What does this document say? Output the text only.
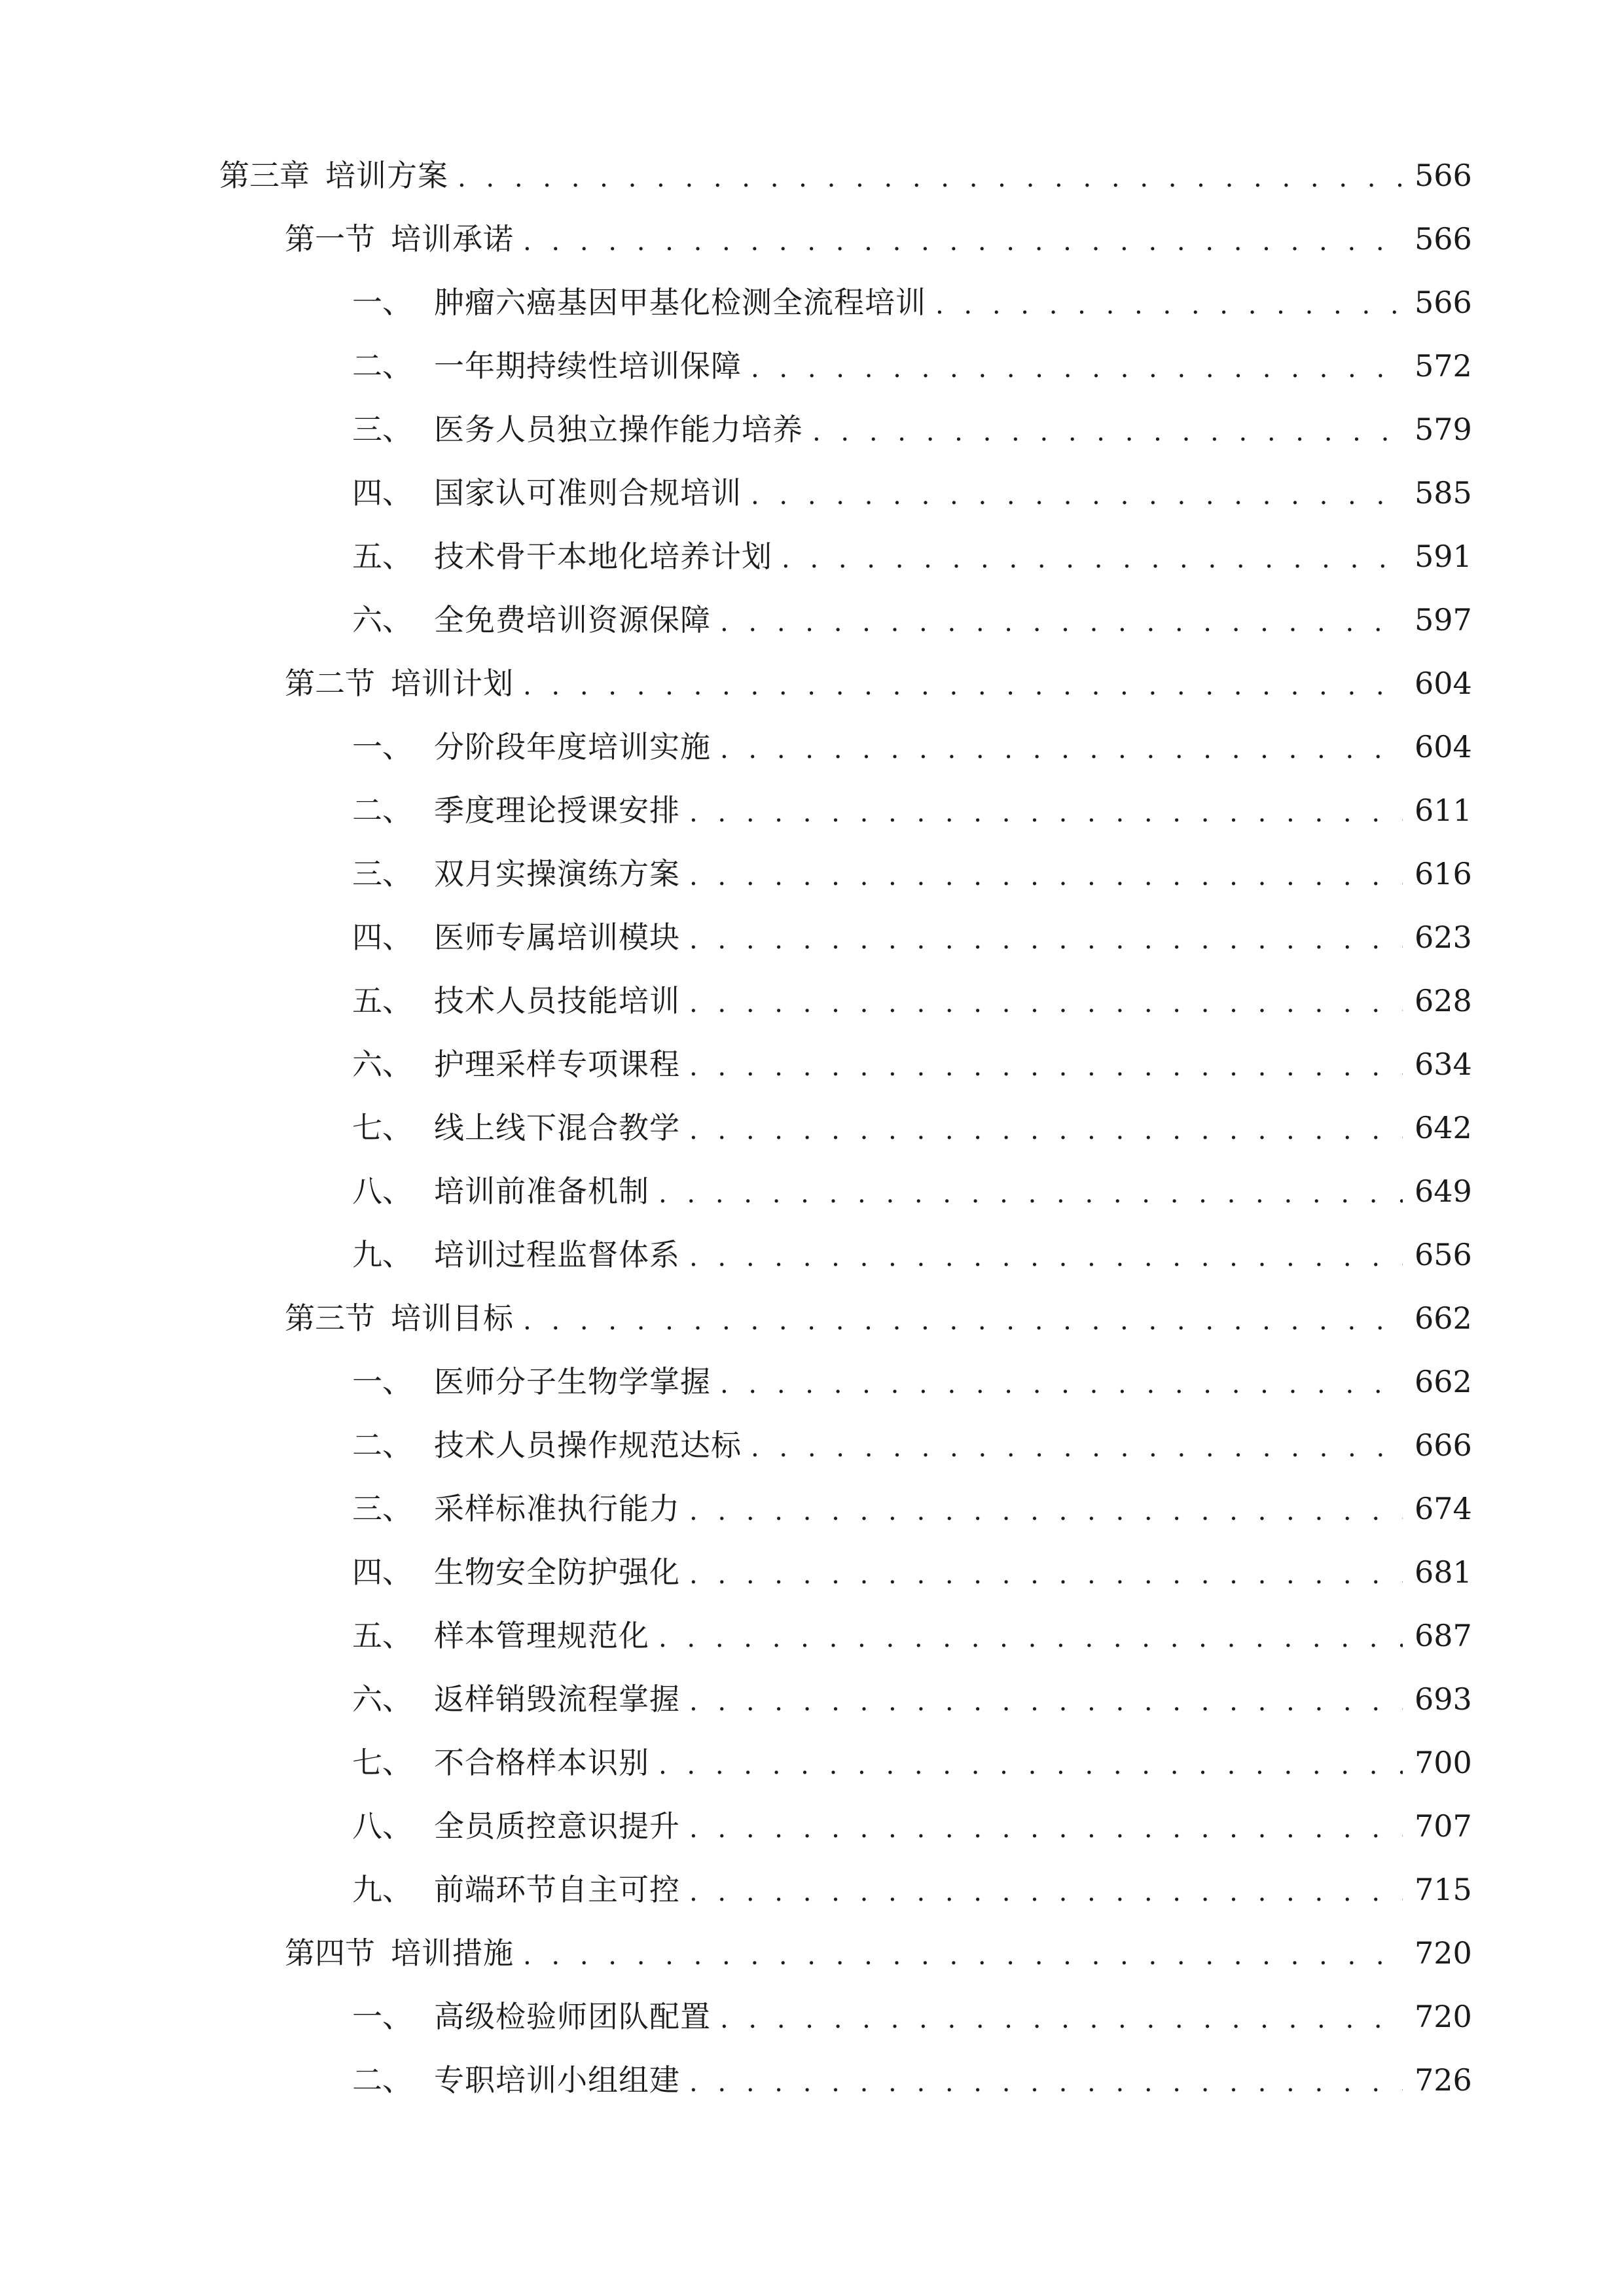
第三章 培训方案 . . .	566
第一节 培训承诺 . . .	566
一、 肿瘤六癌基因甲基化检测全流程培训 . . .	566
二、 一年期持续性培训保障 . . .	572
三、 医务人员独立操作能力培养 . . .	579
四、 国家认可准则合规培训 . . .	585
五、 技术骨干本地化培养计划 . . .	591
六、 全免费培训资源保障 . . .	597
第二节 培训计划 . . .	604
一、 分阶段年度培训实施 . . .	604
二、 季度理论授课安排 . . .	611
三、 双月实操演练方案 . . .	616
四、 医师专属培训模块 . . .	623
五、 技术人员技能培训 . . .	628
六、 护理采样专项课程 . . .	634
七、 线上线下混合教学 . . .	642
八、 培训前准备机制 . . .	649
九、 培训过程监督体系 . . .	656
第三节 培训目标 . . .	662
一、 医师分子生物学掌握 . . .	662
二、 技术人员操作规范达标 . . .	666
三、 采样标准执行能力 . . .	674
四、 生物安全防护强化 . . .	681
五、 样本管理规范化 . . .	687
六、 返样销毁流程掌握 . . .	693
七、 不合格样本识别 . . .	700
八、 全员质控意识提升 . . .	707
九、 前端环节自主可控 . . .	715
第四节 培训措施 . . .	720
一、 高级检验师团队配置 . . .	720
二、 专职培训小组组建 . . .	726
